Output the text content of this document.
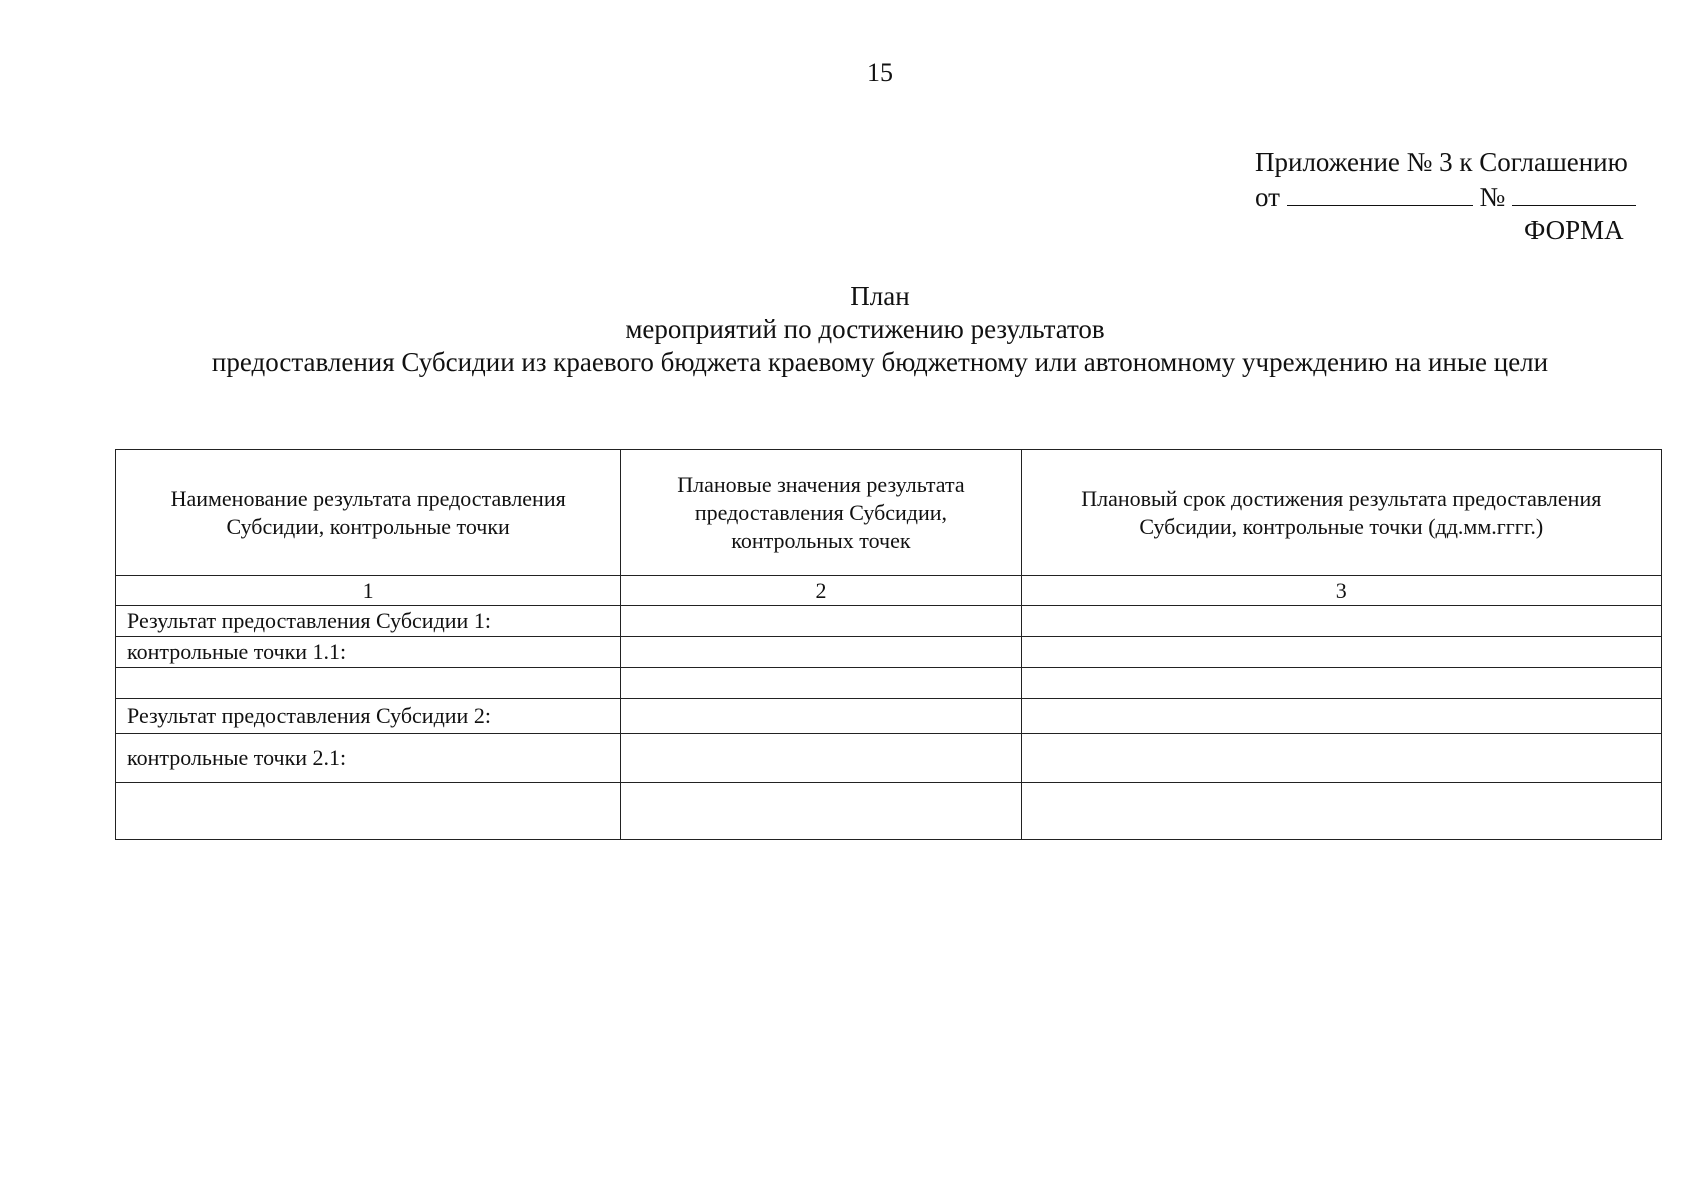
15
Приложение № 3 к Соглашению
от	№
ФОРМА
План
мероприятий по достижению результатов
предоставления Субсидии из краевого бюджета краевому бюджетному или автономному учреждению на иные цели
Наименование результата предоставления Субсидии, контрольные точки	Плановые значения результата предоставления Субсидии, контрольных точек	Плановый срок достижения результата предоставления Субсидии, контрольные точки (дд.мм.гггг.)
1	2	3
Результат предоставления Субсидии 1:		
контрольные точки 1.1:		

Результат предоставления Субсидии 2:		
контрольные точки 2.1:		
